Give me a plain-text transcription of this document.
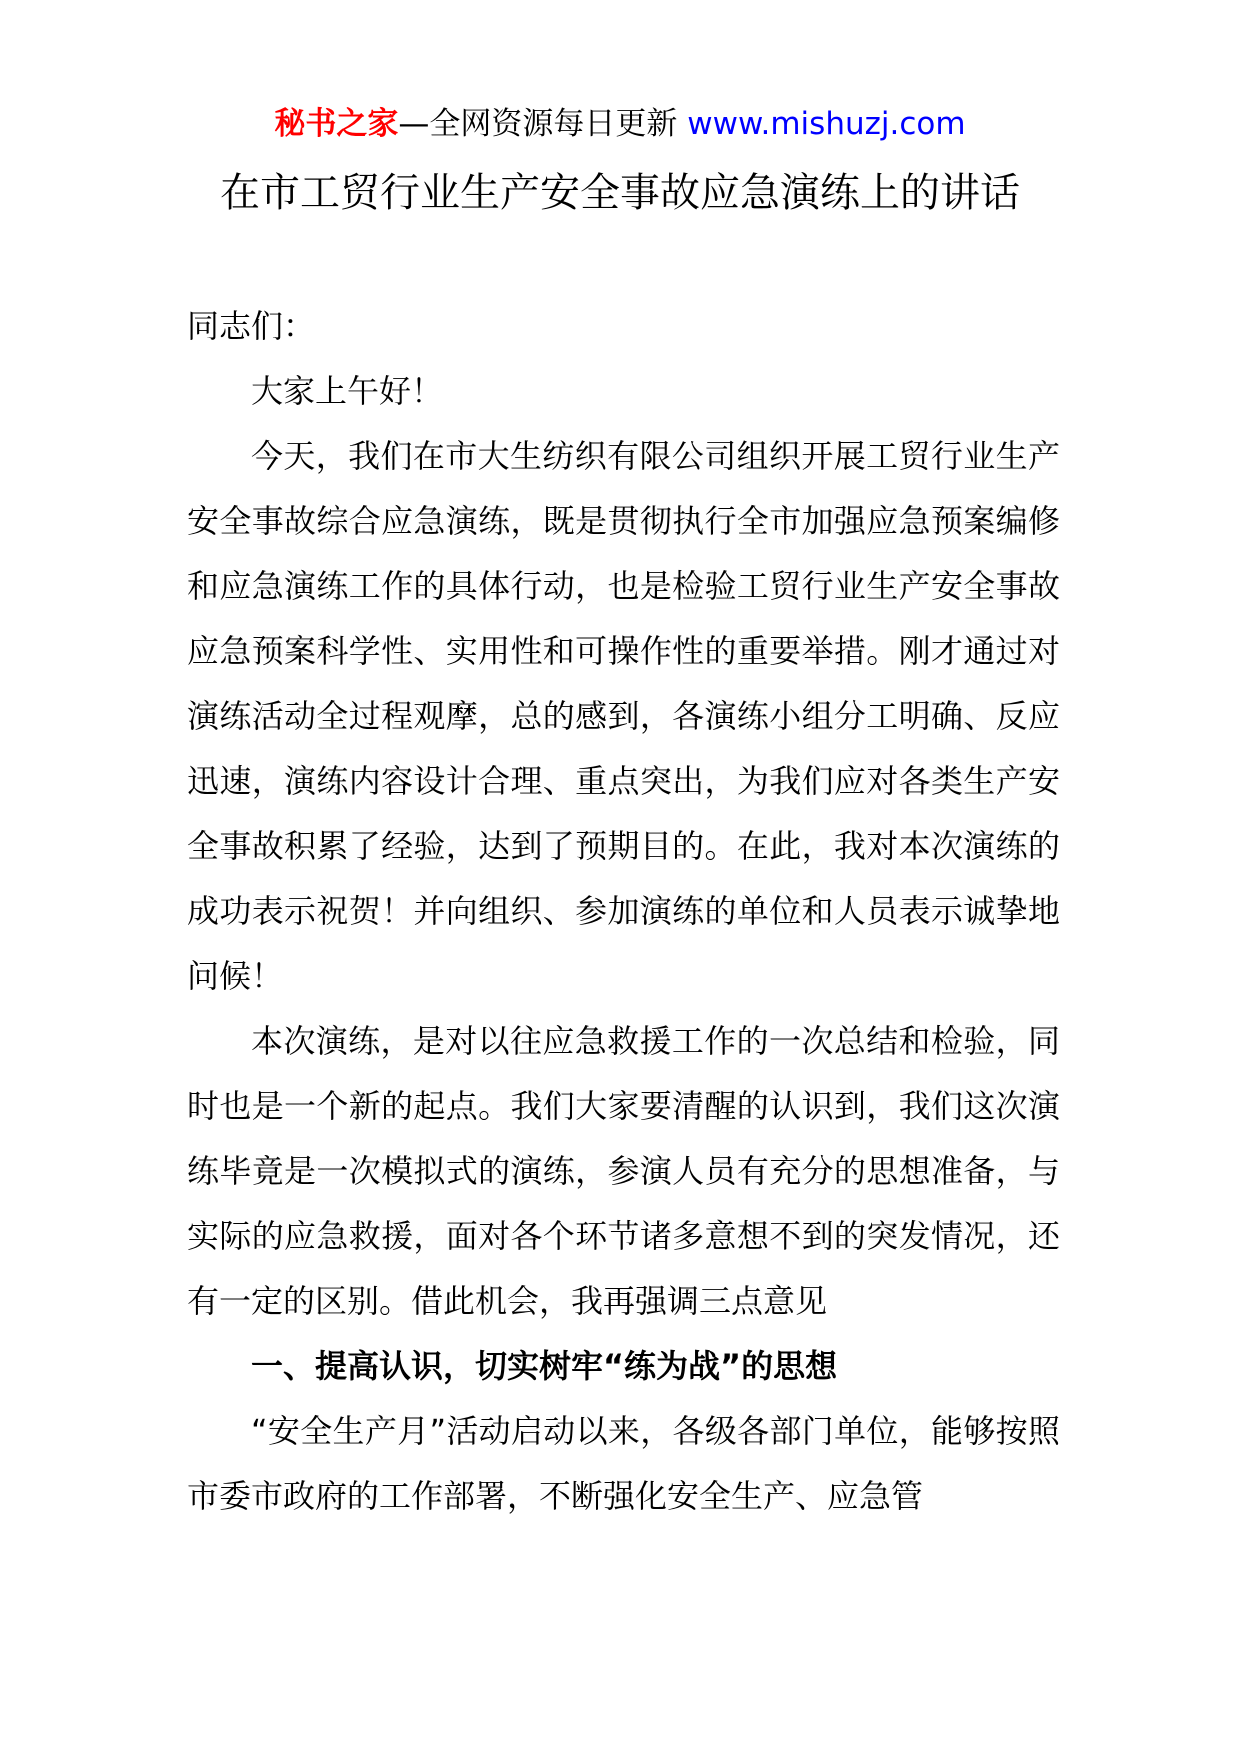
秘书之家—全网资源每日更新 www.mishuzj.com
在市工贸行业生产安全事故应急演练上的讲话

同志们：

大家上午好！

今天，我们在市大生纺织有限公司组织开展工贸行业生产安全事故综合应急演练，既是贯彻执行全市加强应急预案编修和应急演练工作的具体行动，也是检验工贸行业生产安全事故应急预案科学性、实用性和可操作性的重要举措。刚才通过对演练活动全过程观摩，总的感到，各演练小组分工明确、反应迅速，演练内容设计合理、重点突出，为我们应对各类生产安全事故积累了经验，达到了预期目的。在此，我对本次演练的成功表示祝贺！并向组织、参加演练的单位和人员表示诚挚地问候！

本次演练，是对以往应急救援工作的一次总结和检验，同时也是一个新的起点。我们大家要清醒的认识到，我们这次演练毕竟是一次模拟式的演练，参演人员有充分的思想准备，与实际的应急救援，面对各个环节诸多意想不到的突发情况，还有一定的区别。借此机会，我再强调三点意见

一、提高认识，切实树牢“练为战”的思想

“安全生产月”活动启动以来，各级各部门单位，能够按照市委市政府的工作部署，不断强化安全生产、应急管
